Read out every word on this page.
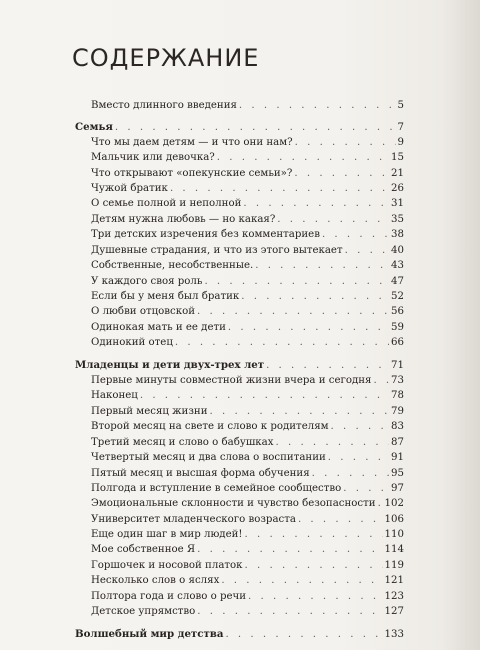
СОДЕРЖАНИЕ
Вместо длинного введения . . .	5
Семья . . .	7
Что мы даем детям — и что они нам? . . .	9
Мальчик или девочка? . . .	15
Что открывают «опекунские семьи»? . . .	21
Чужой братик . . .	26
О семье полной и неполной . . .	31
Детям нужна любовь — но какая? . . .	35
Три детских изречения без комментариев . . .	38
Душевные страдания, и что из этого вытекает . . .	40
Собственные, несобственные. . . .	43
У каждого своя роль . . .	47
Если бы у меня был братик . . .	52
О любви отцовской . . .	56
Одинокая мать и ее дети . . .	59
Одинокий отец . . .	66
Младенцы и дети двух-трех лет . . .	71
Первые минуты совместной жизни вчера и сегодня . . . 73
Наконец . . .	78
Первый месяц жизни . . .	79
Второй месяц на свете и слово к родителям . . .	83
Третий месяц и слово о бабушках . . .	87
Четвертый месяц и два слова о воспитании . . .	91
Пятый месяц и высшая форма обучения . . .	95
Полгода и вступление в семейное сообщество . . .	97
Эмоциональные склонности и чувство безопасности . . . 102
Университет младенческого возраста . . .	106
Еще один шаг в мир людей! . . .	110
Мое собственное Я . . .	114
Горшочек и носовой платок . . .	119
Несколько слов о яслях . . .	121
Полтора года и слово о речи . . .	123
Детское упрямство . . .	127
Волшебный мир детства . . .	133
